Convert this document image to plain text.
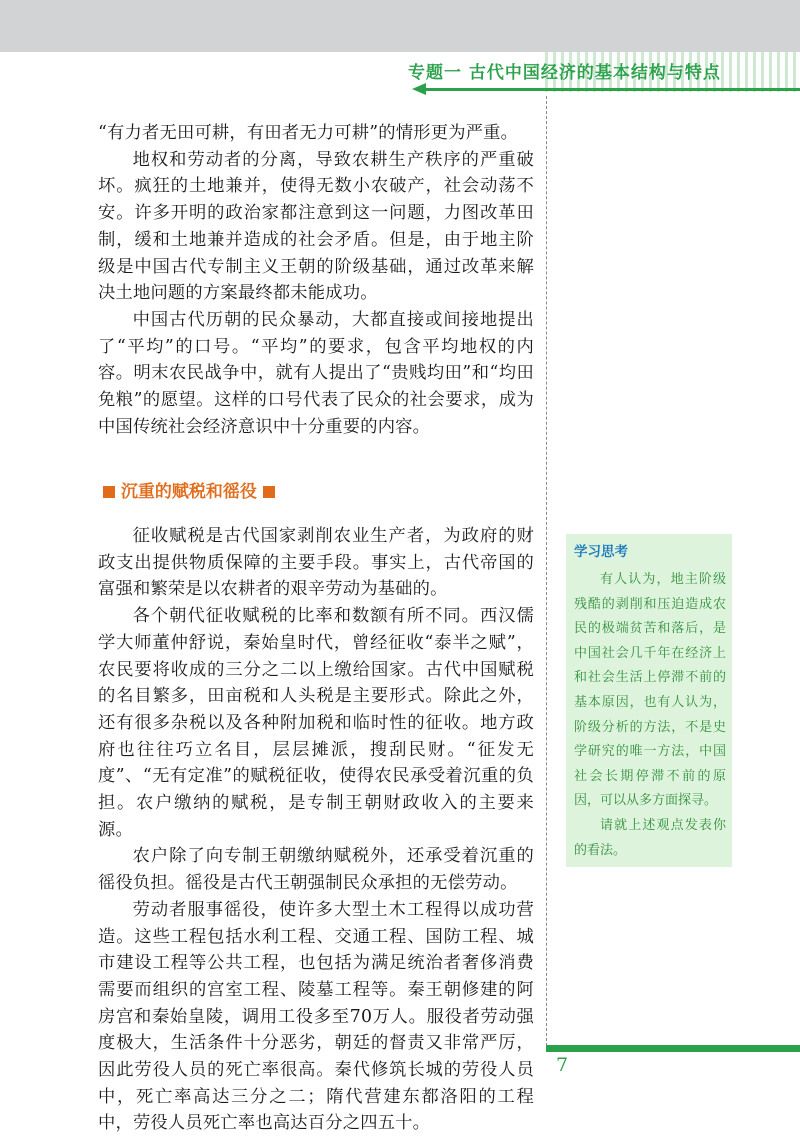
专题一 古代中国经济的基本结构与特点

“有力者无田可耕，有田者无力可耕”的情形更为严重。

地权和劳动者的分离，导致农耕生产秩序的严重破坏。疯狂的土地兼并，使得无数小农破产，社会动荡不安。许多开明的政治家都注意到这一问题，力图改革田制，缓和土地兼并造成的社会矛盾。但是，由于地主阶级是中国古代专制主义王朝的阶级基础，通过改革来解决土地问题的方案最终都未能成功。

中国古代历朝的民众暴动，大都直接或间接地提出了“平均”的口号。“平均”的要求，包含平均地权的内容。明末农民战争中，就有人提出了“贵贱均田”和“均田免粮”的愿望。这样的口号代表了民众的社会要求，成为中国传统社会经济意识中十分重要的内容。

沉重的赋税和徭役

征收赋税是古代国家剥削农业生产者，为政府的财政支出提供物质保障的主要手段。事实上，古代帝国的富强和繁荣是以农耕者的艰辛劳动为基础的。

各个朝代征收赋税的比率和数额有所不同。西汉儒学大师董仲舒说，秦始皇时代，曾经征收“泰半之赋”，农民要将收成的三分之二以上缴给国家。古代中国赋税的名目繁多，田亩税和人头税是主要形式。除此之外，还有很多杂税以及各种附加税和临时性的征收。地方政府也往往巧立名目，层层摊派，搜刮民财。“征发无度”、“无有定准”的赋税征收，使得农民承受着沉重的负担。农户缴纳的赋税，是专制王朝财政收入的主要来源。

农户除了向专制王朝缴纳赋税外，还承受着沉重的徭役负担。徭役是古代王朝强制民众承担的无偿劳动。

劳动者服事徭役，使许多大型土木工程得以成功营造。这些工程包括水利工程、交通工程、国防工程、城市建设工程等公共工程，也包括为满足统治者奢侈消费需要而组织的宫室工程、陵墓工程等。秦王朝修建的阿房宫和秦始皇陵，调用工役多至70万人。服役者劳动强度极大，生活条件十分恶劣，朝廷的督责又非常严厉，因此劳役人员的死亡率很高。秦代修筑长城的劳役人员中，死亡率高达三分之二；隋代营建东都洛阳的工程中，劳役人员死亡率也高达百分之四五十。

学习思考

有人认为，地主阶级残酷的剥削和压迫造成农民的极端贫苦和落后，是中国社会几千年在经济上和社会生活上停滞不前的基本原因，也有人认为，阶级分析的方法，不是史学研究的唯一方法，中国社会长期停滞不前的原因，可以从多方面探寻。

请就上述观点发表你的看法。

7
